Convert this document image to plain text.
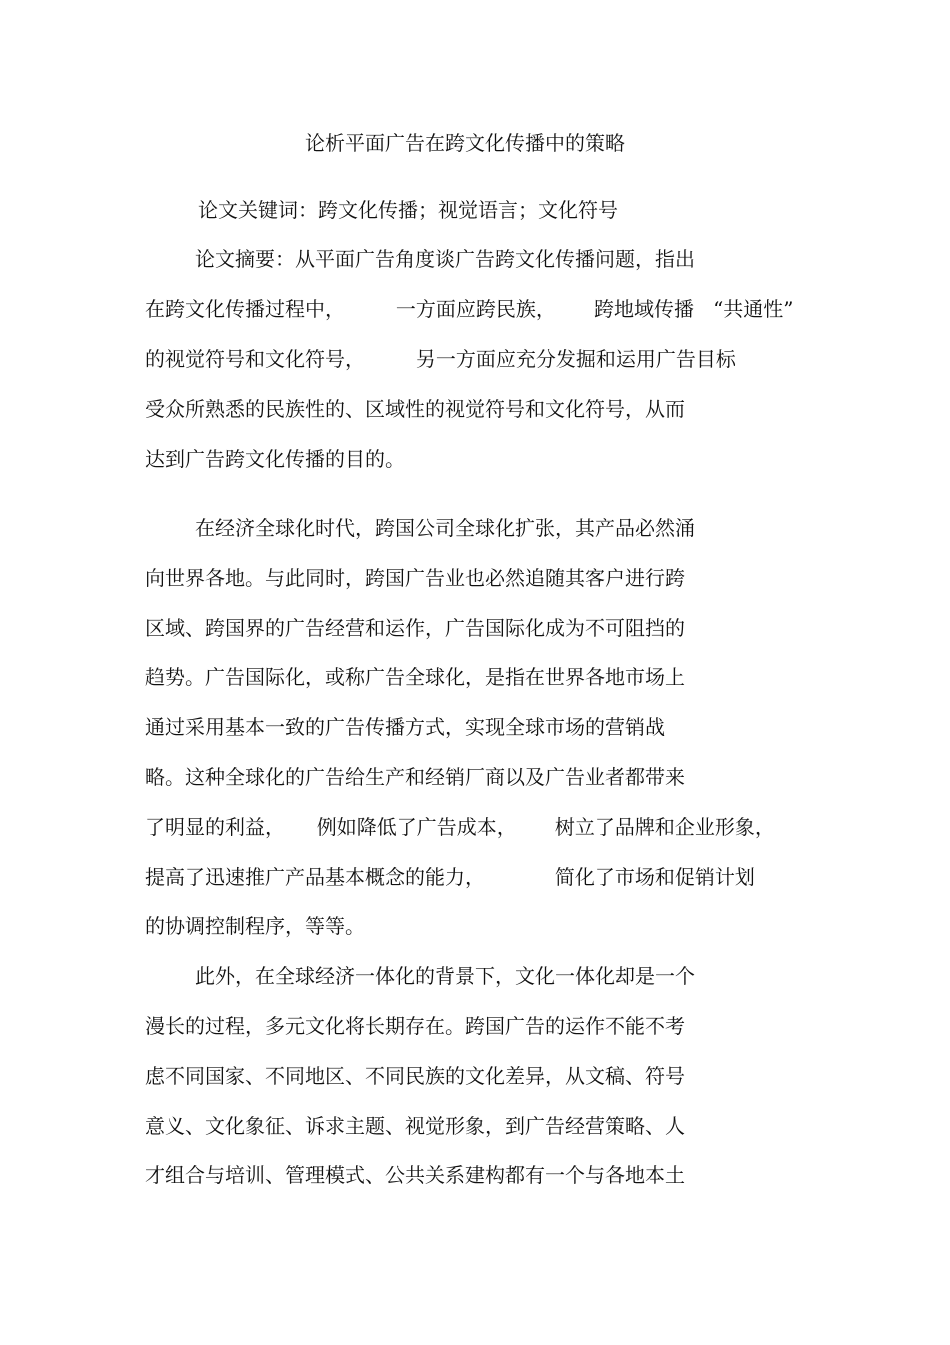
论析平面广告在跨文化传播中的策略
论文关键词：跨文化传播；视觉语言；文化符号
论文摘要：从平面广告角度谈广告跨文化传播问题，指出
在跨文化传播过程中，        一方面应跨民族，      跨地域传播   “共通性”
的视觉符号和文化符号，        另一方面应充分发掘和运用广告目标
受众所熟悉的民族性的、区域性的视觉符号和文化符号，从而
达到广告跨文化传播的目的。
在经济全球化时代，跨国公司全球化扩张，其产品必然涌
向世界各地。与此同时，跨国广告业也必然追随其客户进行跨
区域、跨国界的广告经营和运作，广告国际化成为不可阻挡的
趋势。广告国际化，或称广告全球化，是指在世界各地市场上
通过采用基本一致的广告传播方式，实现全球市场的营销战
略。这种全球化的广告给生产和经销厂商以及广告业者都带来
了明显的利益，     例如降低了广告成本，      树立了品牌和企业形象，
提高了迅速推广产品基本概念的能力，           简化了市场和促销计划
的协调控制程序，等等。
此外，在全球经济一体化的背景下，文化一体化却是一个
漫长的过程，多元文化将长期存在。跨国广告的运作不能不考
虑不同国家、不同地区、不同民族的文化差异，从文稿、符号
意义、文化象征、诉求主题、视觉形象，到广告经营策略、人
才组合与培训、管理模式、公共关系建构都有一个与各地本土
